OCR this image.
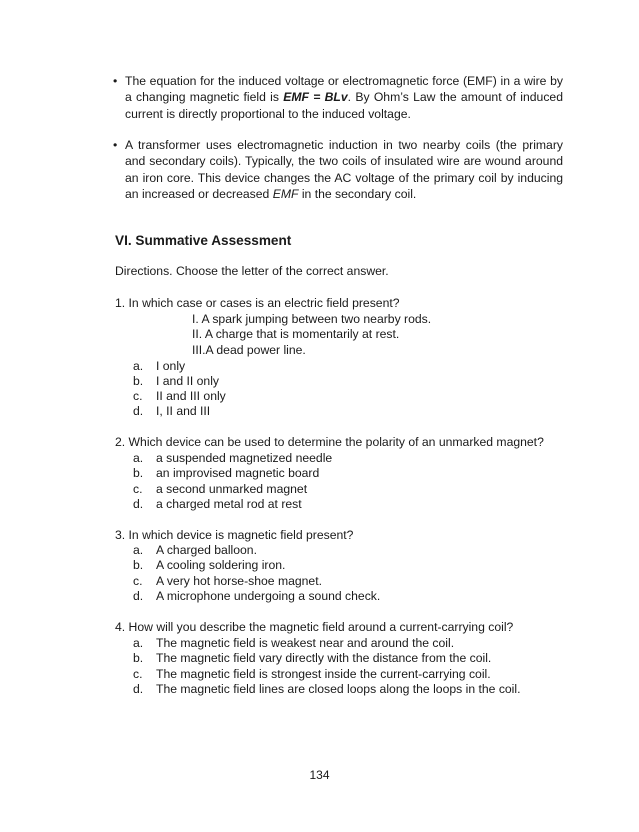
• The equation for the induced voltage or electromagnetic force (EMF) in a wire by a changing magnetic field is EMF = BLv. By Ohm’s Law the amount of induced current is directly proportional to the induced voltage.
• A transformer uses electromagnetic induction in two nearby coils (the primary and secondary coils). Typically, the two coils of insulated wire are wound around an iron core. This device changes the AC voltage of the primary coil by inducing an increased or decreased EMF in the secondary coil.
VI. Summative Assessment
Directions. Choose the letter of the correct answer.
1. In which case or cases is an electric field present?
I. A spark jumping between two nearby rods.
II. A charge that is momentarily at rest.
III.A dead power line.
a. I only
b. I and II only
c. II and III only
d. I, II and III
2. Which device can be used to determine the polarity of an unmarked magnet?
a. a suspended magnetized needle
b. an improvised magnetic board
c. a second unmarked magnet
d. a charged metal rod at rest
3. In which device is magnetic field present?
a. A charged balloon.
b. A cooling soldering iron.
c. A very hot horse-shoe magnet.
d. A microphone undergoing a sound check.
4. How will you describe the magnetic field around a current-carrying coil?
a. The magnetic field is weakest near and around the coil.
b. The magnetic field vary directly with the distance from the coil.
c. The magnetic field is strongest inside the current-carrying coil.
d. The magnetic field lines are closed loops along the loops in the coil.
134
